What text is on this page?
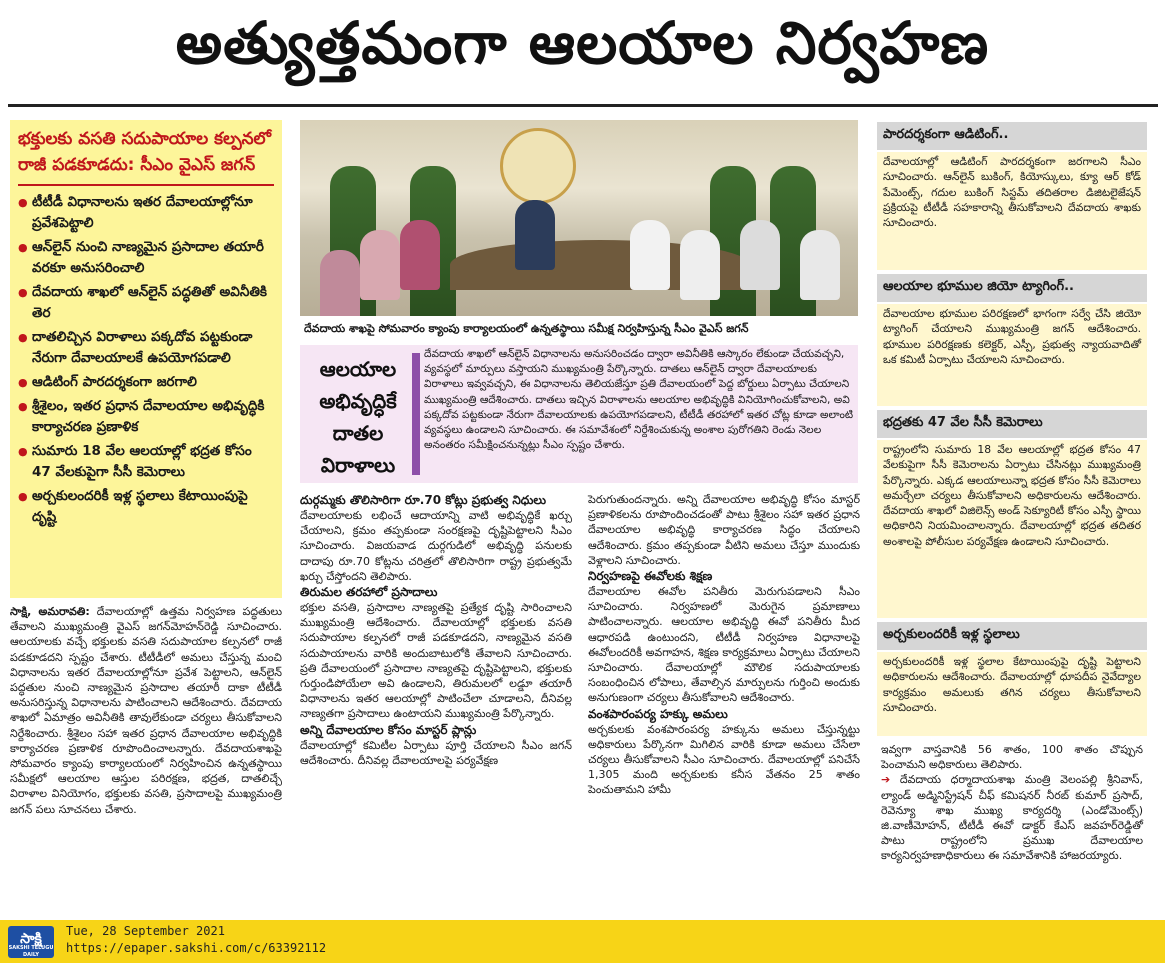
అత్యుత్తమంగా ఆలయాల నిర్వహణ
భక్తులకు వసతి సదుపాయాల కల్పనలో రాజీ పడకూడదు: సీఎం వైఎస్ జగన్
● టీటీడీ విధానాలను ఇతర దేవాలయాల్లోనూ ప్రవేశపెట్టాలి
● ఆన్‌లైన్ నుంచి నాణ్యమైన ప్రసాదాల తయారీ వరకూ అనుసరించాలి
● దేవదాయ శాఖలో ఆన్‌లైన్ పద్ధతితో అవినీతికి తెర
● దాతలిచ్చిన విరాళాలు పక్కదోవ పట్టకుండా నేరుగా దేవాలయాలకే ఉపయోగపడాలి
● ఆడిటింగ్ పారదర్శకంగా జరగాలి
● శ్రీశైలం, ఇతర ప్రధాన దేవాలయాల అభివృద్ధికి కార్యాచరణ ప్రణాళిక
● సుమారు 18 వేల ఆలయాల్లో భద్రత కోసం 47 వేలకుపైగా సీసీ కెమెరాలు
● అర్చకులందరికీ ఇళ్ల స్థలాలు కేటాయింపుపై దృష్టి

సాక్షి, అమరావతి: దేవాలయాల్లో ఉత్తమ నిర్వహణ పద్ధతులు తేవాలని ముఖ్యమంత్రి వైఎస్ జగన్‌మోహన్‌రెడ్డి సూచించారు. ఆలయాలకు వచ్చే భక్తులకు వసతి సదుపాయాల కల్పనలో రాజీ పడకూడదని స్పష్టం చేశారు. టీటీడీలో అమలు చేస్తున్న మంచి విధానాలను ఇతర దేవాలయాల్లోనూ ప్రవేశ పెట్టాలని, ఆన్‌లైన్ పద్ధతుల నుంచి నాణ్యమైన ప్రసాదాల తయారీ దాకా టీటీడీ అనుసరిస్తున్న విధానాలను పాటించాలని ఆదేశించారు. దేవదాయ శాఖలో ఏమాత్రం అవినీతికి తావులేకుండా చర్యలు తీసుకోవాలని నిర్దేశించారు. శ్రీశైలం సహా ఇతర ప్రధాన దేవాలయాల అభివృద్ధికి కార్యాచరణ ప్రణాళిక రూపొందించాలన్నారు. దేవదాయశాఖపై సోమవారం క్యాంపు కార్యాలయంలో నిర్వహించిన ఉన్నతస్థాయి సమీక్షలో ఆలయాల ఆస్తుల పరిరక్షణ, భద్రత, దాతలిచ్చే విరాళాల వినియోగం, భక్తులకు వసతి, ప్రసాదాలపై ముఖ్యమంత్రి జగన్ పలు సూచనలు చేశారు.

దేవదాయ శాఖపై సోమవారం క్యాంపు కార్యాలయంలో ఉన్నతస్థాయి సమీక్ష నిర్వహిస్తున్న సీఎం వైఎస్ జగన్
ఆలయాల అభివృద్ధికే దాతల విరాళాలు
దేవదాయ శాఖలో ఆన్‌లైన్ విధానాలను అనుసరించడం ద్వారా అవినీతికి ఆస్కారం లేకుండా చేయవచ్చని, వ్యవస్థలో మార్పులు వస్తాయని ముఖ్యమంత్రి పేర్కొన్నారు. దాతలు ఆన్‌లైన్ ద్వారా దేవాలయాలకు విరాళాలు ఇవ్వవచ్చని, ఈ విధానాలను తెలియజేస్తూ ప్రతి దేవాలయంలో పెద్ద బోర్డులు ఏర్పాటు చేయాలని ముఖ్యమంత్రి ఆదేశించారు. దాతలు ఇచ్చిన విరాళాలను ఆలయాల అభివృద్ధికి వినియోగించుకోవాలని, అవి పక్కదోవ పట్టకుండా నేరుగా దేవాలయాలకు ఉపయోగపడాలని, టీటీడీ తరహాలో ఇతర చోట్ల కూడా అలాంటి వ్యవస్థలు ఉండాలని సూచించారు. ఈ సమావేశంలో నిర్దేశించుకున్న అంశాల పురోగతిని రెండు నెలల అనంతరం సమీక్షించనున్నట్లు సీఎం స్పష్టం చేశారు.
దుర్గమ్మకు తొలిసారిగా రూ.70 కోట్లు ప్రభుత్వ నిధులు

దేవాలయాలకు లభించే ఆదాయాన్ని వాటి అభివృద్ధికే ఖర్చు చేయాలని, క్రమం తప్పకుండా సంరక్షణపై దృష్టిపెట్టాలని సీఎం సూచించారు. విజయవాడ దుర్గగుడిలో అభివృద్ధి పనులకు దాదాపు రూ.70 కోట్లను చరిత్రలో తొలిసారిగా రాష్ట్ర ప్రభుత్వమే ఖర్చు చేస్తోందని తెలిపారు.

తిరుమల తరహాలో ప్రసాదాలు

భక్తుల వసతి, ప్రసాదాల నాణ్యతపై ప్రత్యేక దృష్టి సారించాలని ముఖ్యమంత్రి ఆదేశించారు. దేవాలయాల్లో భక్తులకు వసతి సదుపాయాల కల్పనలో రాజీ పడకూడదని, నాణ్యమైన వసతి సదుపాయాలను వారికి అందుబాటులోకి తేవాలని సూచించారు. ప్రతి దేవాలయంలో ప్రసాదాల నాణ్యతపై దృష్టిపెట్టాలని, భక్తులకు గుర్తుండిపోయేలా అవి ఉండాలని, తిరుమలలో లడ్డూ తయారీ విధానాలను ఇతర ఆలయాల్లో పాటించేలా చూడాలని, దీనివల్ల నాణ్యతగా ప్రసాదాలు ఉంటాయని ముఖ్యమంత్రి పేర్కొన్నారు.

అన్ని దేవాలయాల కోసం మాస్టర్ ప్లాన్లు

దేవాలయాల్లో కమిటీల ఏర్పాటు పూర్తి చేయాలని సీఎం జగన్ ఆదేశించారు. దీనివల్ల దేవాలయాలపై పర్యవేక్షణ

పెరుగుతుందన్నారు. అన్ని దేవాలయాల అభివృద్ధి కోసం మాస్టర్ ప్రణాళికలను రూపొందించడంతో పాటు శ్రీశైలం సహా ఇతర ప్రధాన దేవాలయాల అభివృద్ధి కార్యాచరణ సిద్ధం చేయాలని ఆదేశించారు. క్రమం తప్పకుండా వీటిని అమలు చేస్తూ ముందుకు వెళ్లాలని సూచించారు.

నిర్వహణపై ఈవోలకు శిక్షణ

దేవాలయాల ఈవోల పనితీరు మెరుగుపడాలని సీఎం సూచించారు. నిర్వహణలో మెరుగైన ప్రమాణాలు పాటించాలన్నారు. ఆలయాల అభివృద్ధి ఈవో పనితీరు మీద ఆధారపడి ఉంటుందని, టీటీడీ నిర్వహణ విధానాలపై ఈవోలందరికీ అవగాహన, శిక్షణ కార్యక్రమాలు ఏర్పాటు చేయాలని సూచించారు. దేవాలయాల్లో మౌలిక సదుపాయాలకు సంబంధించిన లోపాలు, తేవాల్సిన మార్పులను గుర్తించి అందుకు అనుగుణంగా చర్యలు తీసుకోవాలని ఆదేశించారు.

వంశపారంపర్య హక్కు అమలు

అర్చకులకు వంశపారంపర్య హక్కును అమలు చేస్తున్నట్టు అధికారులు పేర్కొనగా మిగిలిన వారికి కూడా అమలు చేసేలా చర్యలు తీసుకోవాలని సీఎం సూచించారు. దేవాలయాల్లో పనిచేసే 1,305 మంది అర్చకులకు కనీస వేతనం 25 శాతం పెంచుతామని హామీ

పారదర్శకంగా ఆడిటింగ్..
దేవాలయాల్లో ఆడిటింగ్ పారదర్శకంగా జరగాలని సీఎం సూచించారు. ఆన్‌లైన్ బుకింగ్, కియోస్కులు, క్యూ ఆర్ కోడ్ పేమెంట్స్, గదుల బుకింగ్ సిస్టమ్ తదితరాల డిజిటలైజేషన్ ప్రక్రియపై టీటీడీ సహకారాన్ని తీసుకోవాలని దేవదాయ శాఖకు సూచించారు.
ఆలయాల భూముల జియో ట్యాగింగ్..
దేవాలయాల భూముల పరిరక్షణలో భాగంగా సర్వే చేసి జియో ట్యాగింగ్ చేయాలని ముఖ్యమంత్రి జగన్ ఆదేశించారు. భూముల పరిరక్షణకు కలెక్టర్, ఎస్పీ, ప్రభుత్వ న్యాయవాదితో ఒక కమిటీ ఏర్పాటు చేయాలని సూచించారు.
భద్రతకు 47 వేల సీసీ కెమెరాలు
రాష్ట్రంలోని సుమారు 18 వేల ఆలయాల్లో భద్రత కోసం 47 వేలకుపైగా సీసీ కెమెరాలను ఏర్పాటు చేసినట్లు ముఖ్యమంత్రి పేర్కొన్నారు. ఎక్కడ ఆలయాలున్నా భద్రత కోసం సీసీ కెమెరాలు అమర్చేలా చర్యలు తీసుకోవాలని అధికారులను ఆదేశించారు. దేవదాయ శాఖలో విజిలెన్స్ అండ్ సెక్యూరిటీ కోసం ఎస్పీ స్థాయి అధికారిని నియమించాలన్నారు. దేవాలయాల్లో భద్రత తదితర అంశాలపై పోలీసుల పర్యవేక్షణ ఉండాలని సూచించారు.
అర్చకులందరికీ ఇళ్ల స్థలాలు
అర్చకులందరికీ ఇళ్ల స్థలాల కేటాయింపుపై దృష్టి పెట్టాలని అధికారులను ఆదేశించారు. దేవాలయాల్లో ధూపదీప నైవేద్యాల కార్యక్రమం అమలుకు తగిన చర్యలు తీసుకోవాలని సూచించారు.

ఇవ్వగా వాస్తవానికి 56 శాతం, 100 శాతం చొప్పున పెంచామని అధికారులు తెలిపారు.

➔ దేవదాయ ధర్మాదాయశాఖ మంత్రి వెలంపల్లి శ్రీనివాస్, ల్యాండ్ అడ్మినిస్ట్రేషన్ చీఫ్ కమిషనర్ నీరబ్ కుమార్ ప్రసాద్, రెవెన్యూ శాఖ ముఖ్య కార్యదర్శి (ఎండోమెంట్స్) జి.వాణీమోహన్, టీటీడీ ఈవో డాక్టర్ కేఎస్ జవహర్‌రెడ్డితో పాటు రాష్ట్రంలోని ప్రముఖ దేవాలయాల కార్యనిర్వహణాధికారులు ఈ సమావేశానికి హాజరయ్యారు.

సాక్షి
SAKSHI TELUGU DAILY
Tue, 28 September 2021
https://epaper.sakshi.com/c/63392112
